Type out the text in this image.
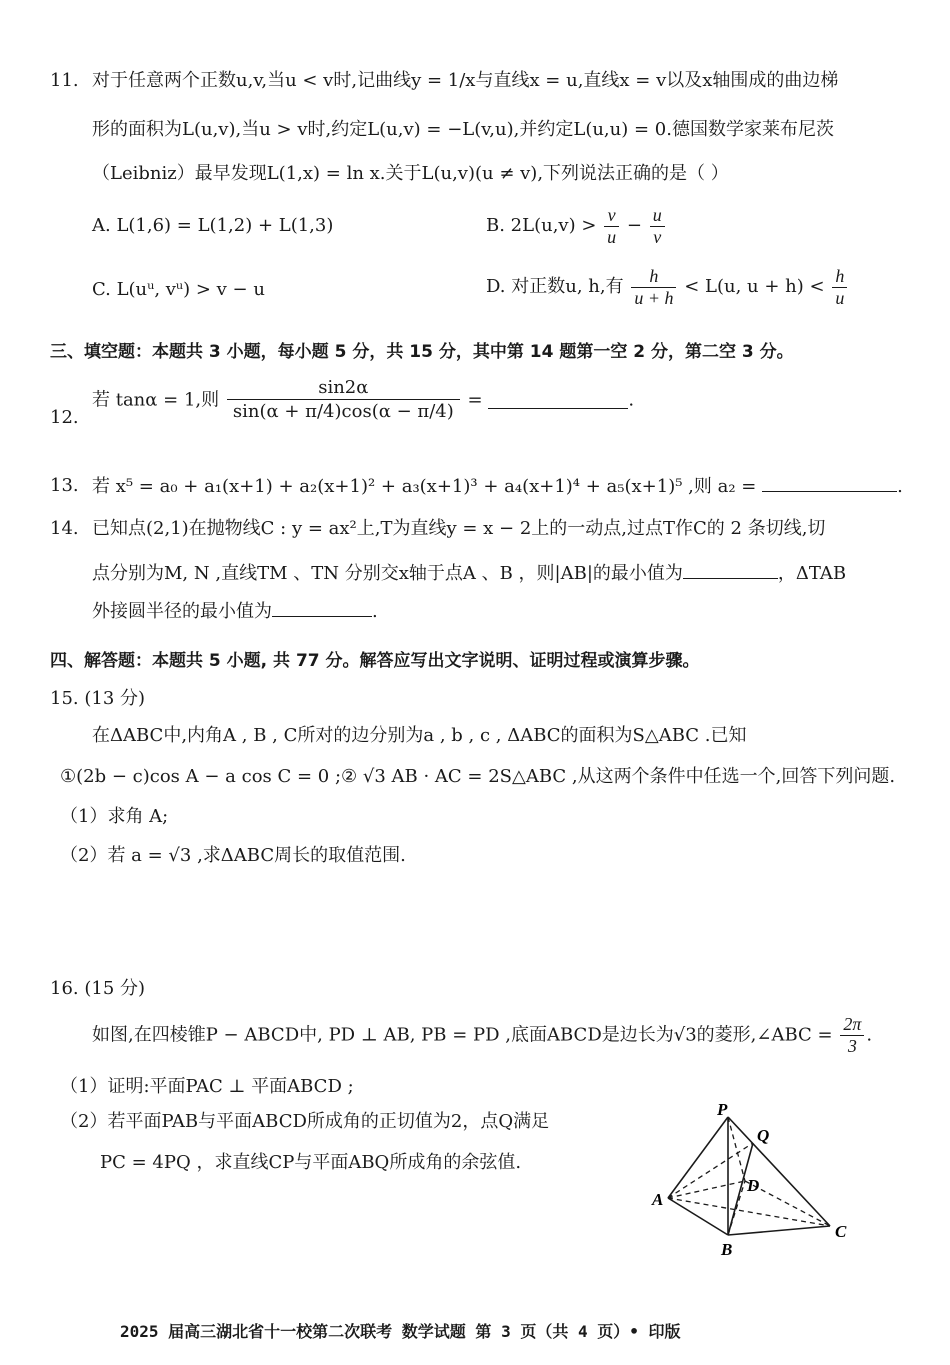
11. 对于任意两个正数u,v,当u < v时,记曲线y = 1/x与直线x = u,直线x = v以及x轴围成的曲边梯
形的面积为L(u,v),当u > v时,约定L(u,v) = −L(v,u),并约定L(u,u) = 0.德国数学家莱布尼茨
（Leibniz）最早发现L(1,x) = ln x.关于L(u,v)(u ≠ v),下列说法正确的是（ ）
A. L(1,6) = L(1,2) + L(1,3)	B. $2L(u,v) > \frac{v}{u} - \frac{u}{v}$
C. L(uᵘ, vᵘ) > v − u	D. 对正数u, h,有 $\frac{h}{u + h} < L(u$, $u + h) < \frac{h}{u}$
三、填空题：本题共 3 小题，每小题 5 分，共 15 分，其中第 14 题第一空 2 分，第二空 3 分。
12.
若 tanα = 1,则 $\frac{\sin 2\alpha}{\sin(\alpha + \pi/4)\cos(\alpha - \pi/4)}$ =	.
13. 若 x⁵ = a₀ + a₁(x+1) + a₂(x+1)² + a₃(x+1)³ + a₄(x+1)⁴ + a₅(x+1)⁵ ,则 a₂ =	.
14. 已知点(2,1)在抛物线C : y = ax²上,T为直线y = x − 2上的一动点,过点T作C的 2 条切线,切
点分别为M, N ,直线TM 、TN 分别交x轴于点A 、B ，则|AB|的最小值为	，ΔTAB
外接圆半径的最小值为	.
四、解答题：本题共 5 小题, 共 77 分。解答应写出文字说明、证明过程或演算步骤。
15. (13 分)
在ΔABC中,内角A , B , C所对的边分别为a , b , c , ΔABC的面积为S△ABC .已知
①(2b − c)cos A − a cos C = 0 ;② √3 AB · AC = 2S△ABC ,从这两个条件中任选一个,回答下列问题.
（1）求角 A;
（2）若 a = √3 ,求ΔABC周长的取值范围.
16. (15 分)
如图,在四棱锥P − ABCD中, PD ⊥ AB, PB = PD ,底面ABCD是边长为√3的菱形,∠ABC = $\frac{2\pi}{3}$ .
（1）证明:平面PAC ⊥ 平面ABCD ;
（2）若平面PAB与平面ABCD所成角的正切值为2，点Q满足
PC = 4PQ ，求直线CP与平面ABQ所成角的余弦值.
P
Q
D
A
B
C
2025 届高三湖北省十一校第二次联考 数学试题 第 3 页（共 4 页）• 印版
